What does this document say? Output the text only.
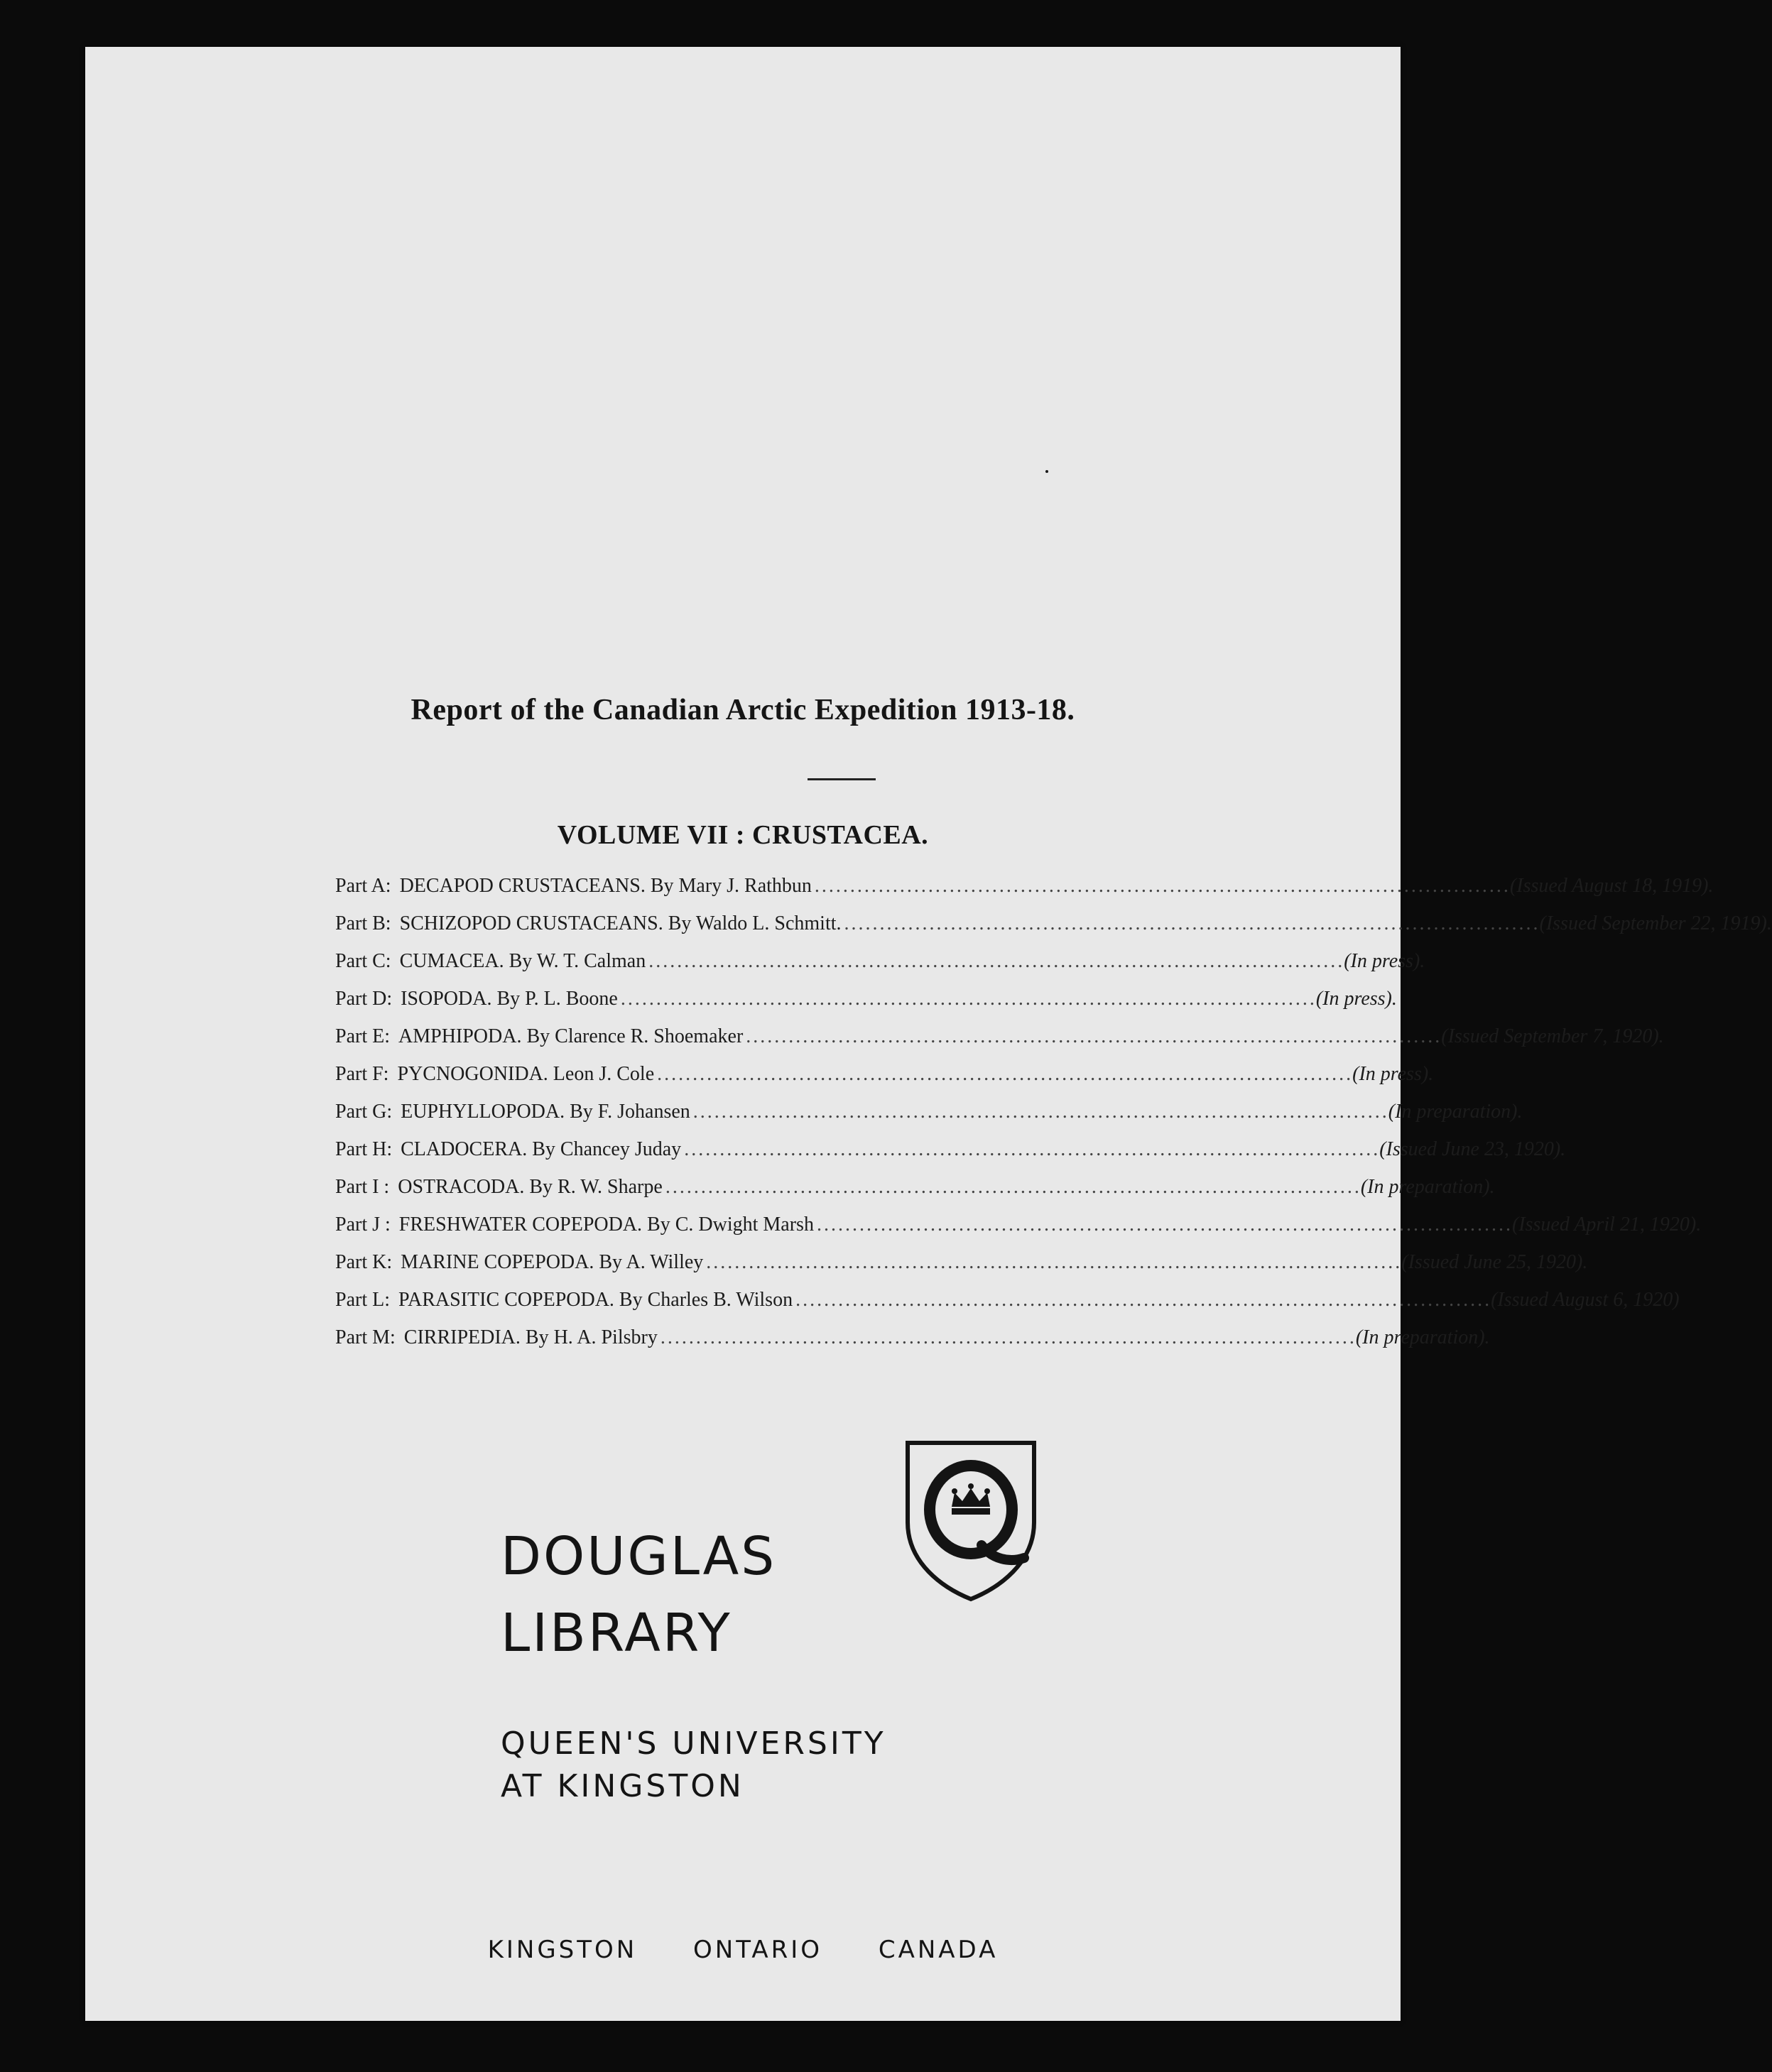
Report of the Canadian Arctic Expedition 1913-18.
VOLUME VII : CRUSTACEA.
Part A: DECAPOD CRUSTACEANS. By Mary J. Rathbun . . .	(Issued August 18, 1919).
Part B: SCHIZOPOD CRUSTACEANS. By Waldo L. Schmitt. . . .	(Issued September 22, 1919).
Part C: CUMACEA. By W. T. Calman . . .	(In press).
Part D: ISOPODA. By P. L. Boone . . .	(In press).
Part E: AMPHIPODA. By Clarence R. Shoemaker . . .	(Issued September 7, 1920).
Part F: PYCNOGONIDA. Leon J. Cole . . .	(In press).
Part G: EUPHYLLOPODA. By F. Johansen . . .	(In preparation).
Part H: CLADOCERA. By Chancey Juday . . .	(Issued June 23, 1920).
Part I : OSTRACODA. By R. W. Sharpe . . .	(In preparation).
Part J : FRESHWATER COPEPODA. By C. Dwight Marsh . . .	(Issued April 21, 1920).
Part K: MARINE COPEPODA. By A. Willey . . .	(Issued June 25, 1920).
Part L: PARASITIC COPEPODA. By Charles B. Wilson . . .	(Issued August 6, 1920)
Part M: CIRRIPEDIA. By H. A. Pilsbry . . .	(In preparation).
DOUGLAS
LIBRARY
QUEEN'S UNIVERSITY
AT KINGSTON
KINGSTON ONTARIO CANADA
